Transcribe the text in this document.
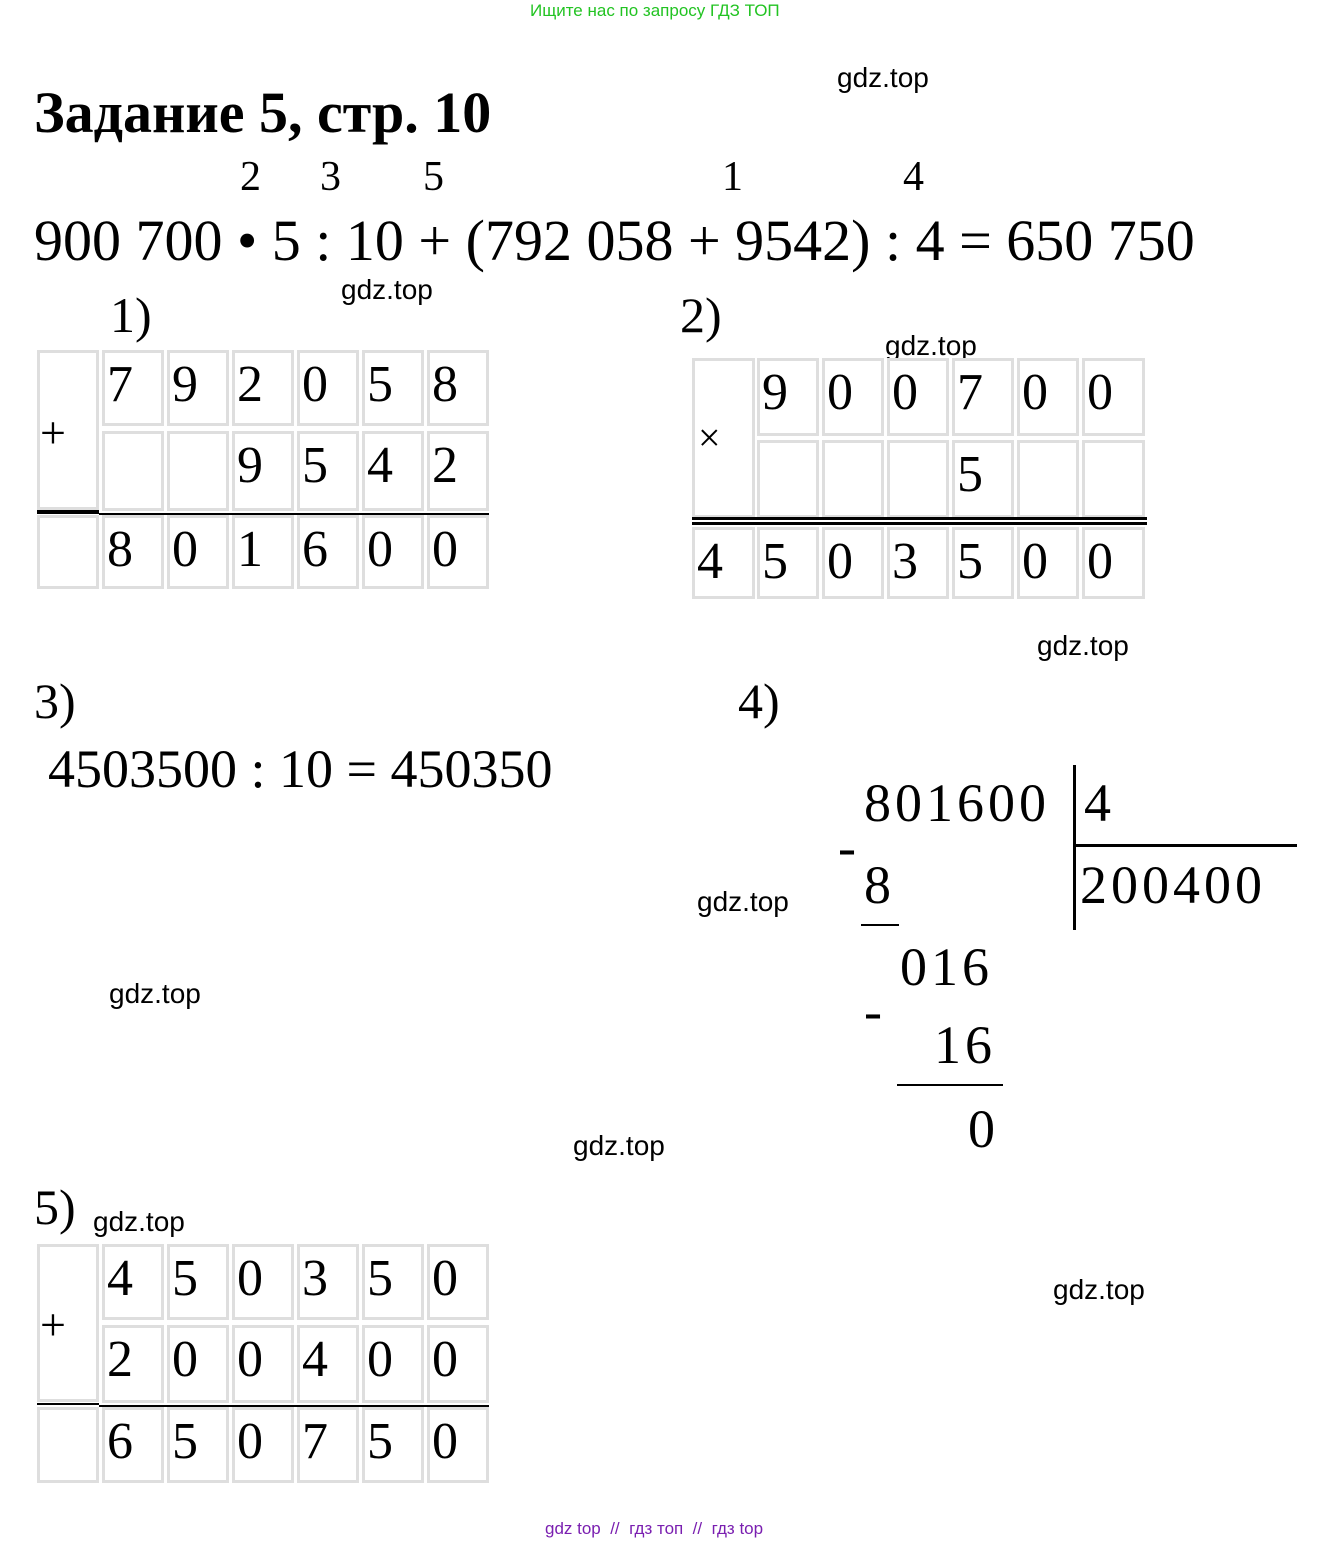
Ищите нас по запросу ГДЗ ТОП
Задание 5, стр. 10
2 3 5	1	4
900 700 • 5 : 10 + (792 058 + 9542) : 4 = 650 750
gdz.top
gdz.top
gdz.top
gdz.top
gdz.top
gdz.top
gdz.top
gdz.top
gdz.top
1)
+
7 9 2 0 5 8
9 5 4 2
8 0 1 6 0 0
2)
×
9 0 0 7 0 0
5
4 5 0 3 5 0 0
3)
4503500 : 10 = 450350
4)
801600 4
200400
-
8
016
-
16
0
5)
+
4 5 0 3 5 0
2 0 0 4 0 0
6 5 0 7 5 0
gdz top  //  гдз топ  //  гдз top
